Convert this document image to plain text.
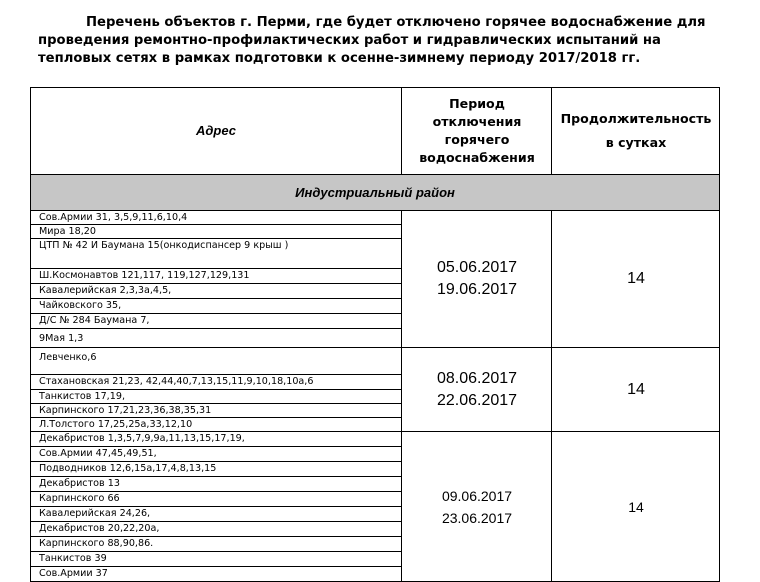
Перечень объектов г. Перми, где будет отключено горячее водоснабжение для
проведения ремонтно-профилактических работ и гидравлических испытаний на
тепловых сетях в рамках подготовки к осенне-зимнему периоду 2017/2018 гг.
Адрес
Период
отключения
горячего
водоснабжения
Продолжительность
в сутках
Индустриальный район
Сов.Армии 31, 3,5,9,11,6,10,4
Мира 18,20
ЦТП № 42 И Баумана 15(онкодиспансер 9 крыш )
Ш.Космонавтов 121,117, 119,127,129,131
Кавалерийская 2,3,3а,4,5,
Чайковского 35,
Д/С № 284 Баумана 7,
9Мая 1,3
05.06.2017
19.06.2017
14
Левченко,6
Стахановская 21,23, 42,44,40,7,13,15,11,9,10,18,10а,6
Танкистов 17,19,
Карпинского 17,21,23,36,38,35,31
Л.Толстого 17,25,25а,33,12,10
08.06.2017
22.06.2017
14
Декабристов 1,3,5,7,9,9а,11,13,15,17,19,
Сов.Армии 47,45,49,51,
Подводников 12,6,15а,17,4,8,13,15
Декабристов 13
Карпинского 66
Кавалерийская 24,26,
Декабристов 20,22,20а,
Карпинского 88,90,86.
Танкистов 39
Сов.Армии 37
09.06.2017
23.06.2017
14
